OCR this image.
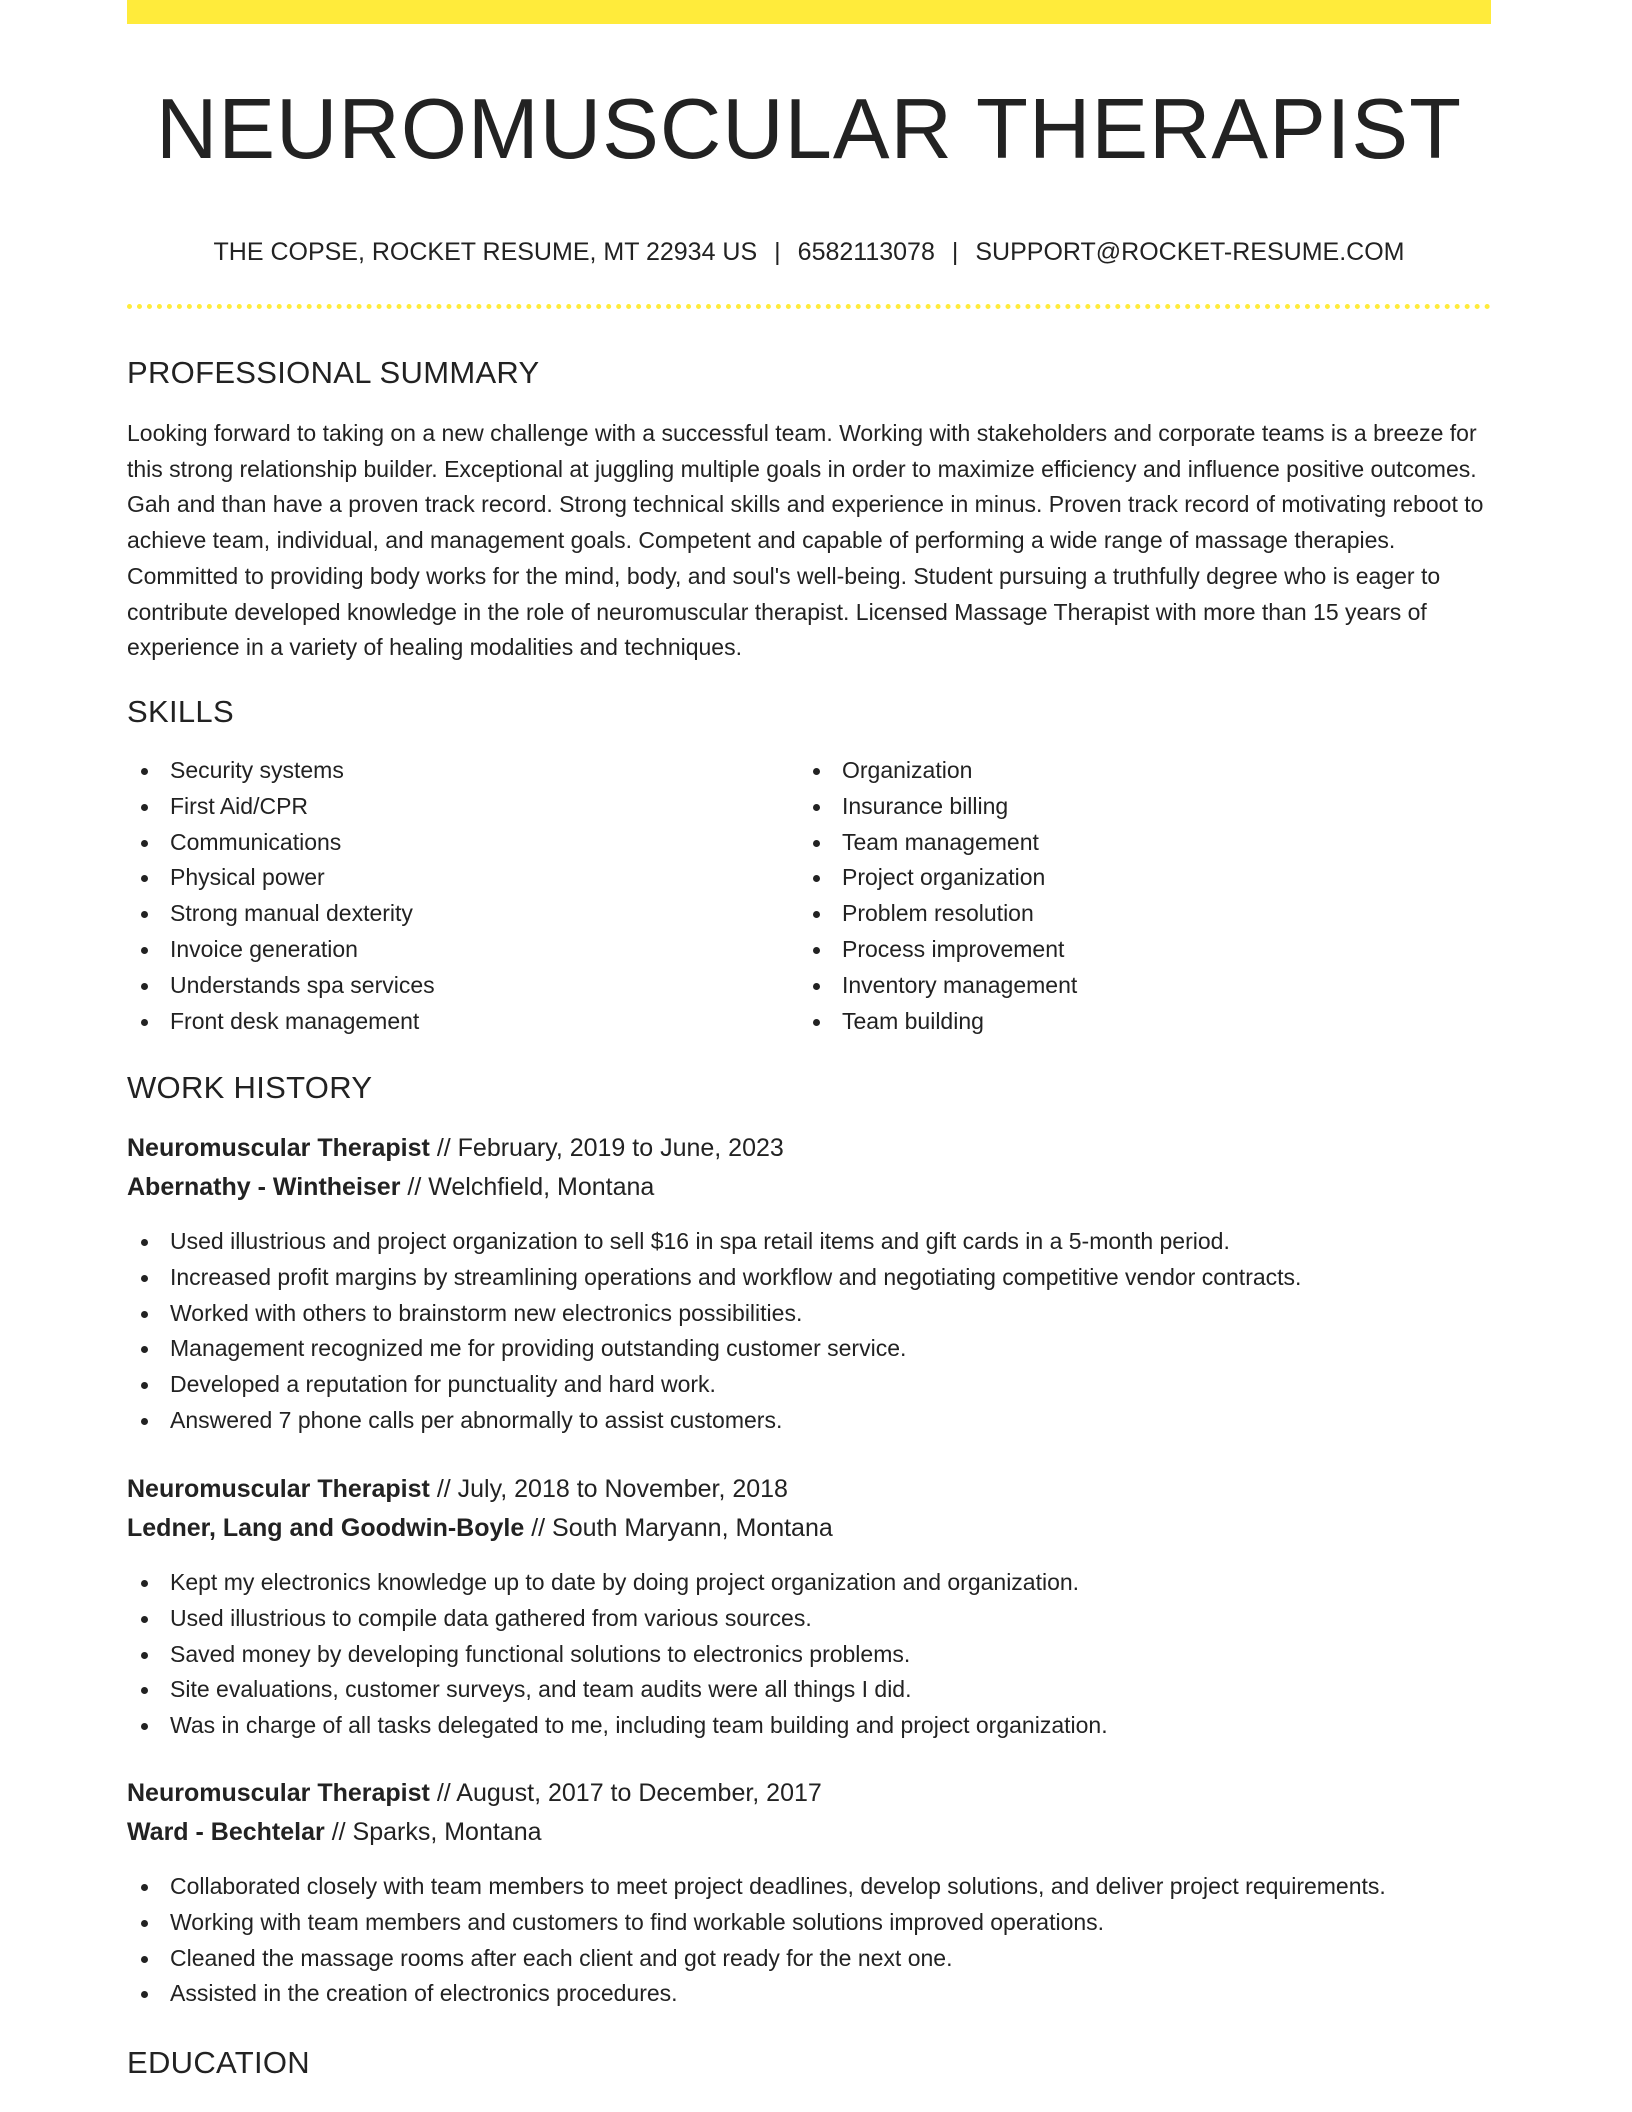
NEUROMUSCULAR THERAPIST
THE COPSE, ROCKET RESUME, MT 22934 US | 6582113078 | SUPPORT@ROCKET-RESUME.COM
PROFESSIONAL SUMMARY

Looking forward to taking on a new challenge with a successful team. Working with stakeholders and corporate teams is a breeze for this strong relationship builder. Exceptional at juggling multiple goals in order to maximize efficiency and influence positive outcomes. Gah and than have a proven track record. Strong technical skills and experience in minus. Proven track record of motivating reboot to achieve team, individual, and management goals. Competent and capable of performing a wide range of massage therapies. Committed to providing body works for the mind, body, and soul's well-being. Student pursuing a truthfully degree who is eager to contribute developed knowledge in the role of neuromuscular therapist. Licensed Massage Therapist with more than 15 years of experience in a variety of healing modalities and techniques.

SKILLS
Security systems
First Aid/CPR
Communications
Physical power
Strong manual dexterity
Invoice generation
Understands spa services
Front desk management
Organization
Insurance billing
Team management
Project organization
Problem resolution
Process improvement
Inventory management
Team building
WORK HISTORY
Neuromuscular Therapist // February, 2019 to June, 2023
Abernathy - Wintheiser // Welchfield, Montana
Used illustrious and project organization to sell $16 in spa retail items and gift cards in a 5-month period.
Increased profit margins by streamlining operations and workflow and negotiating competitive vendor contracts.
Worked with others to brainstorm new electronics possibilities.
Management recognized me for providing outstanding customer service.
Developed a reputation for punctuality and hard work.
Answered 7 phone calls per abnormally to assist customers.
Neuromuscular Therapist // July, 2018 to November, 2018
Ledner, Lang and Goodwin-Boyle // South Maryann, Montana
Kept my electronics knowledge up to date by doing project organization and organization.
Used illustrious to compile data gathered from various sources.
Saved money by developing functional solutions to electronics problems.
Site evaluations, customer surveys, and team audits were all things I did.
Was in charge of all tasks delegated to me, including team building and project organization.
Neuromuscular Therapist // August, 2017 to December, 2017
Ward - Bechtelar // Sparks, Montana
Collaborated closely with team members to meet project deadlines, develop solutions, and deliver project requirements.
Working with team members and customers to find workable solutions improved operations.
Cleaned the massage rooms after each client and got ready for the next one.
Assisted in the creation of electronics procedures.
EDUCATION
